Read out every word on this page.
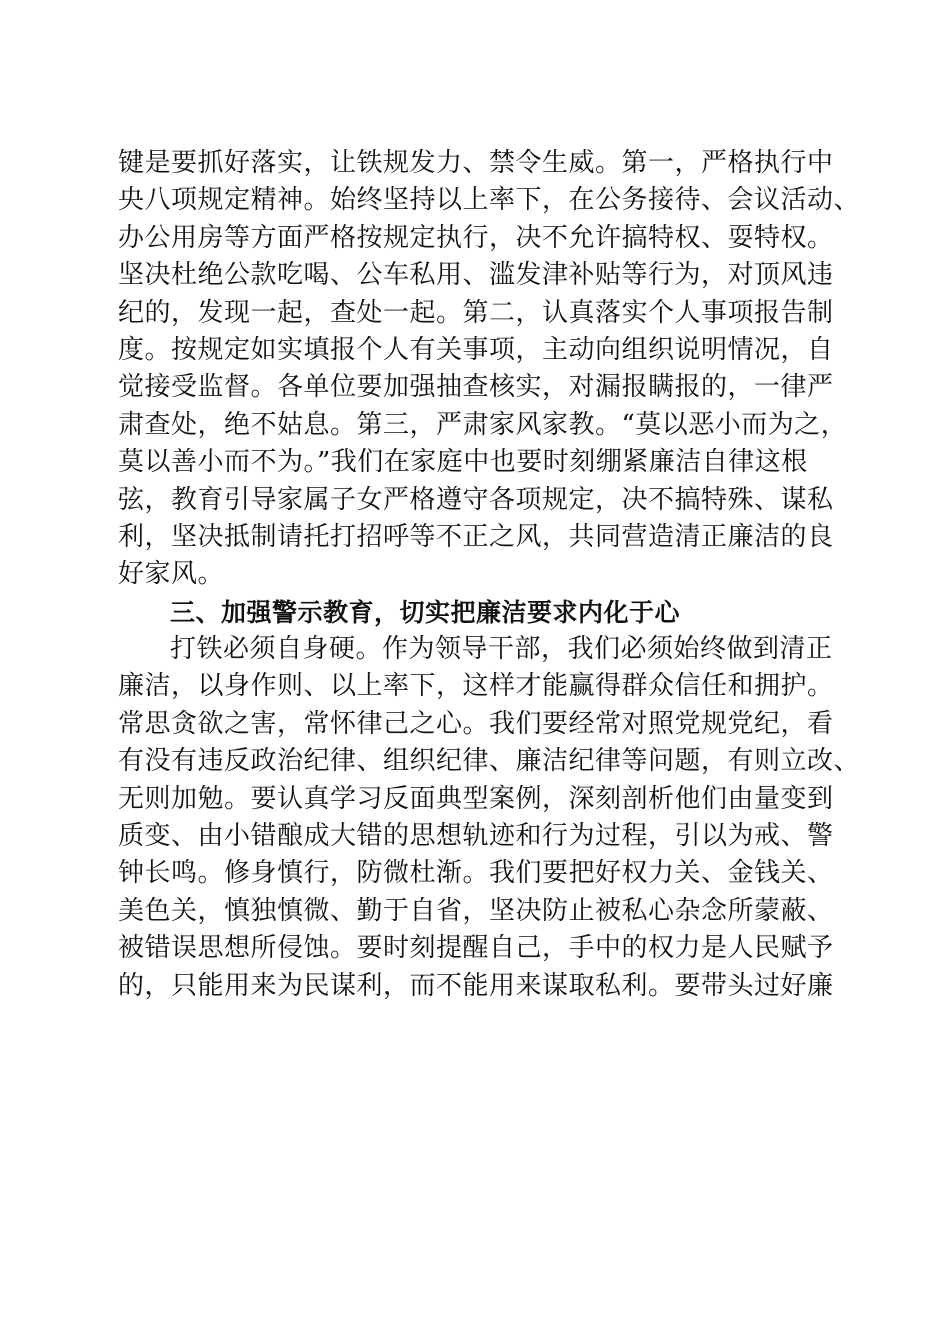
键是要抓好落实，让铁规发力、禁令生威。第一，严格执行中
央八项规定精神。始终坚持以上率下，在公务接待、会议活动、
办公用房等方面严格按规定执行，决不允许搞特权、耍特权。
坚决杜绝公款吃喝、公车私用、滥发津补贴等行为，对顶风违
纪的，发现一起，查处一起。第二，认真落实个人事项报告制
度。按规定如实填报个人有关事项，主动向组织说明情况，自
觉接受监督。各单位要加强抽查核实，对漏报瞒报的，一律严
肃查处，绝不姑息。第三，严肃家风家教。“莫以恶小而为之，
莫以善小而不为。”我们在家庭中也要时刻绷紧廉洁自律这根
弦，教育引导家属子女严格遵守各项规定，决不搞特殊、谋私
利，坚决抵制请托打招呼等不正之风，共同营造清正廉洁的良
好家风。
三、加强警示教育，切实把廉洁要求内化于心
打铁必须自身硬。作为领导干部，我们必须始终做到清正
廉洁，以身作则、以上率下，这样才能赢得群众信任和拥护。
常思贪欲之害，常怀律己之心。我们要经常对照党规党纪，看
有没有违反政治纪律、组织纪律、廉洁纪律等问题，有则立改、
无则加勉。要认真学习反面典型案例，深刻剖析他们由量变到
质变、由小错酿成大错的思想轨迹和行为过程，引以为戒、警
钟长鸣。修身慎行，防微杜渐。我们要把好权力关、金钱关、
美色关，慎独慎微、勤于自省，坚决防止被私心杂念所蒙蔽、
被错误思想所侵蚀。要时刻提醒自己，手中的权力是人民赋予
的，只能用来为民谋利，而不能用来谋取私利。要带头过好廉
